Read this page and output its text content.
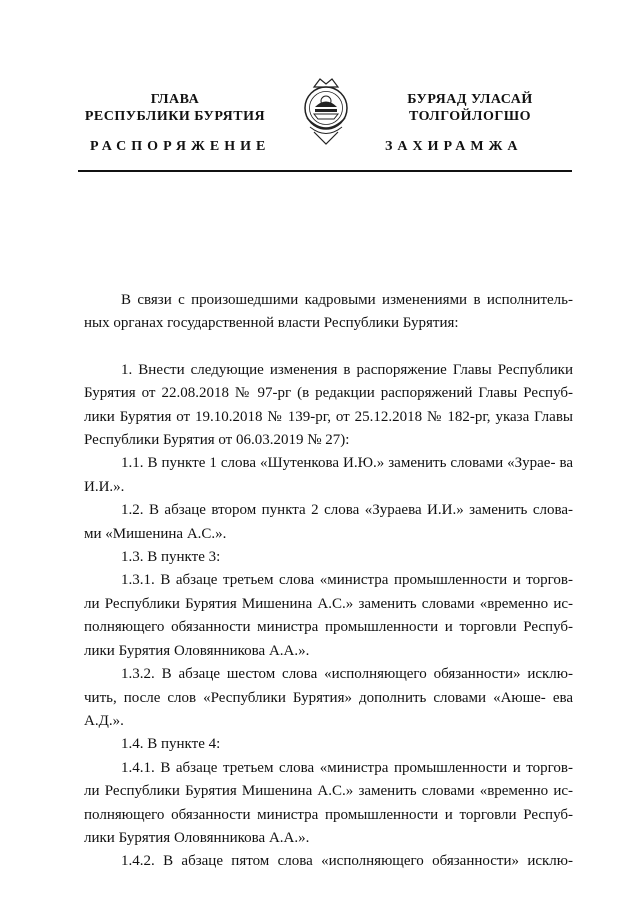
ГЛАВА
РЕСПУБЛИКИ БУРЯТИЯ
БУРЯАД УЛАСАЙ
ТОЛГОЙЛОГШО
РАСПОРЯЖЕНИЕ	ЗАХИРАМЖА

В связи с произошедшими кадровыми изменениями в исполнитель- ных органах государственной власти Республики Бурятия:

1. Внести следующие изменения в распоряжение Главы Республики Бурятия от 22.08.2018 № 97-рг (в редакции распоряжений Главы Респуб- лики Бурятия от 19.10.2018 № 139-рг, от 25.12.2018 № 182-рг, указа Главы Республики Бурятия от 06.03.2019 № 27):

1.1. В пункте 1 слова «Шутенкова И.Ю.» заменить словами «Зурае- ва И.И.».

1.2. В абзаце втором пункта 2 слова «Зураева И.И.» заменить слова- ми «Мишенина А.С.».

1.3. В пункте 3:

1.3.1. В абзаце третьем слова «министра промышленности и торгов- ли Республики Бурятия Мишенина А.С.» заменить словами «временно ис- полняющего обязанности министра промышленности и торговли Респуб- лики Бурятия Оловянникова А.А.».

1.3.2. В абзаце шестом слова «исполняющего обязанности» исклю- чить, после слов «Республики Бурятия» дополнить словами «Аюше- ева А.Д.».

1.4. В пункте 4:

1.4.1. В абзаце третьем слова «министра промышленности и торгов- ли Республики Бурятия Мишенина А.С.» заменить словами «временно ис- полняющего обязанности министра промышленности и торговли Респуб- лики Бурятия Оловянникова А.А.».

1.4.2. В абзаце пятом слова «исполняющего обязанности» исклю-
